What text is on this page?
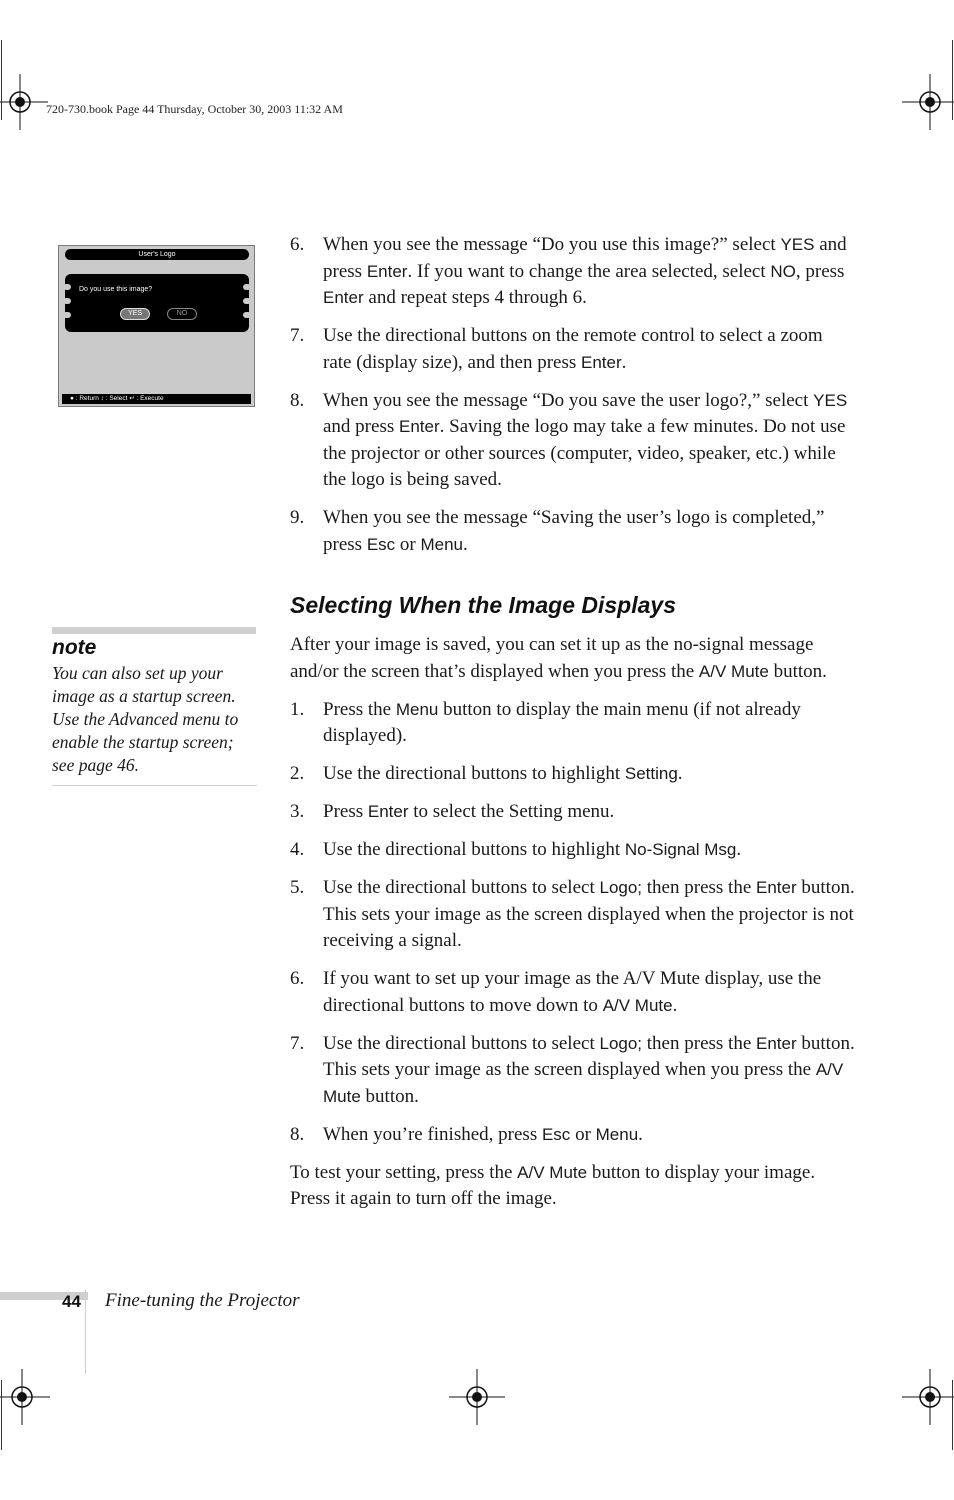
720-730.book Page 44 Thursday, October 30, 2003 11:32 AM
User's Logo
Do you use this image?
YES	NO
● : Return ↕ : Select ↵ : Execute
6. When you see the message “Do you use this image?” select YES and press Enter. If you want to change the area selected, select NO, press Enter and repeat steps 4 through 6.
7. Use the directional buttons on the remote control to select a zoom rate (display size), and then press Enter.
8. When you see the message “Do you save the user logo?,” select YES and press Enter. Saving the logo may take a few minutes. Do not use the projector or other sources (computer, video, speaker, etc.) while the logo is being saved.
9. When you see the message “Saving the user’s logo is completed,” press Esc or Menu.
Selecting When the Image Displays

After your image is saved, you can set it up as the no-signal message and/or the screen that’s displayed when you press the A/V Mute button.

1. Press the Menu button to display the main menu (if not already displayed).
2. Use the directional buttons to highlight Setting.
3. Press Enter to select the Setting menu.
4. Use the directional buttons to highlight No-Signal Msg.
5. Use the directional buttons to select Logo; then press the Enter button. This sets your image as the screen displayed when the projector is not receiving a signal.
6. If you want to set up your image as the A/V Mute display, use the directional buttons to move down to A/V Mute.
7. Use the directional buttons to select Logo; then press the Enter button. This sets your image as the screen displayed when you press the A/V Mute button.
8. When you’re finished, press Esc or Menu.

To test your setting, press the A/V Mute button to display your image. Press it again to turn off the image.

note
You can also set up your image as a startup screen. Use the Advanced menu to enable the startup screen; see page 46.
44 Fine-tuning the Projector
